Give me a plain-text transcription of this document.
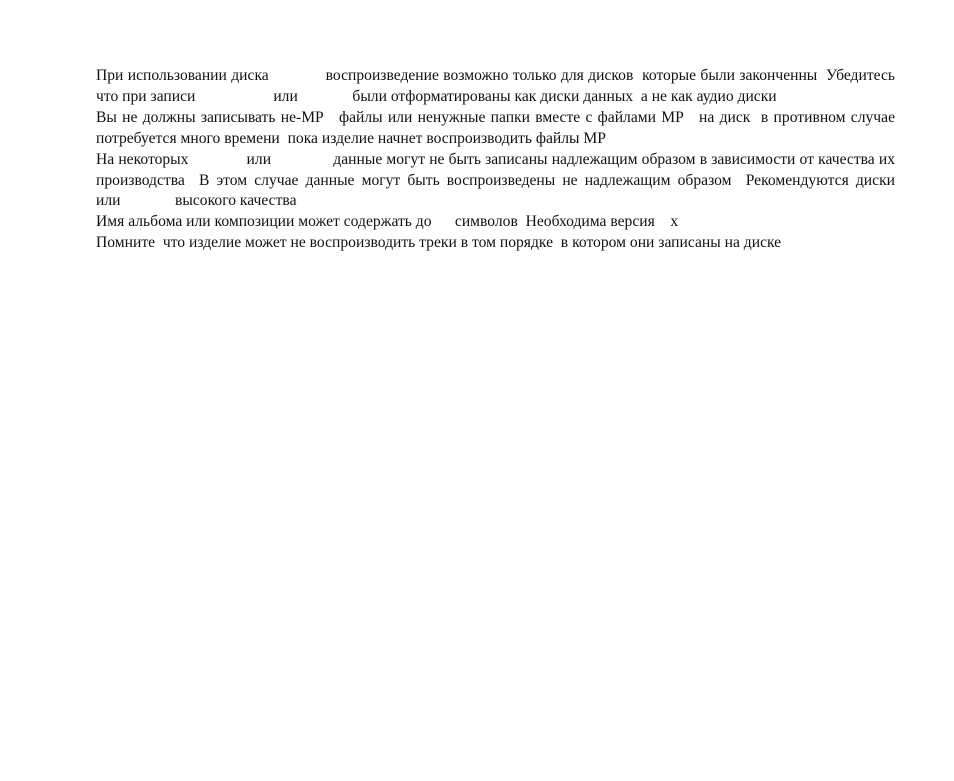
При использовании диска             воспроизведение возможно только для дисков  которые были законченны  Убедитесь  что при записи                    или              были отформатированы как диски данных  а не как аудио диски

Вы не должны записывать не-MP   файлы или ненужные папки вместе с файлами MP   на диск  в противном случае потребуется много времени  пока изделие начнет воспроизводить файлы MP

На некоторых              или               данные могут не быть записаны надлежащим образом в зависимости от качества их производства  В этом случае данные могут быть воспроизведены не надлежащим образом  Рекомендуются диски           или              высокого качества

Имя альбома или композиции может содержать до      символов  Необходима версия    x

Помните  что изделие может не воспроизводить треки в том порядке  в котором они записаны на диске
